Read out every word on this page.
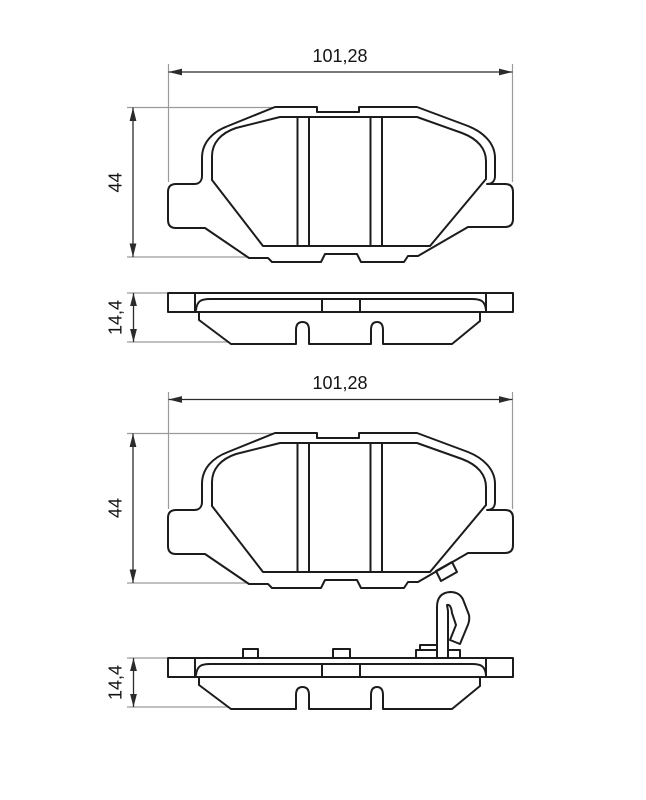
101,28
44
14,4
101,28
44
14,4
